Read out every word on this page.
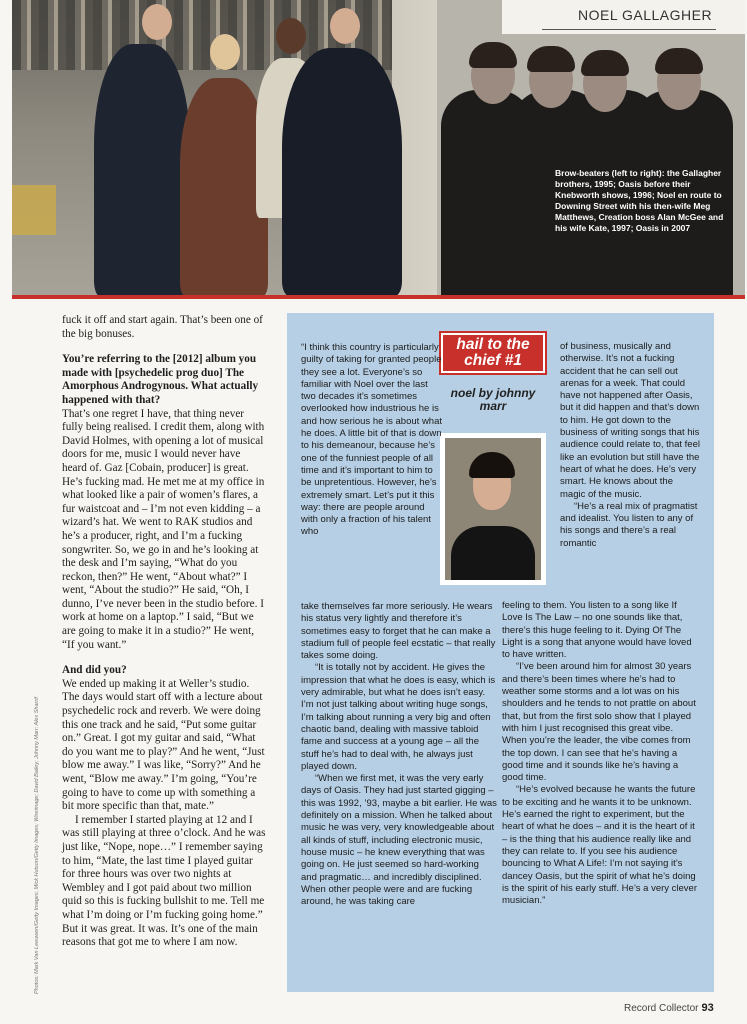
Brow-beaters (left to right): the Gallagher brothers, 1995; Oasis before their Knebworth shows, 1996; Noel en route to Downing Street with his then-wife Meg Matthews, Creation boss Alan McGee and his wife Kate, 1997; Oasis in 2007
NOEL GALLAGHER

fuck it off and start again. That’s been one of the big bonuses.

You’re referring to the [2012] album you made with [psychedelic prog duo] The Amorphous Androgynous. What actually happened with that?

That’s one regret I have, that thing never fully being realised. I credit them, along with David Holmes, with opening a lot of musical doors for me, music I would never have heard of. Gaz [Cobain, producer] is great. He’s fucking mad. He met me at my office in what looked like a pair of women’s flares, a fur waistcoat and – I’m not even kidding – a wizard’s hat. We went to RAK studios and he’s a producer, right, and I’m a fucking songwriter. So, we go in and he’s looking at the desk and I’m saying, “What do you reckon, then?” He went, “About what?” I went, “About the studio?” He said, “Oh, I dunno, I’ve never been in the studio before. I work at home on a laptop.” I said, “But we are going to make it in a studio?” He went, “If you want.”

And did you?

We ended up making it at Weller’s studio. The days would start off with a lecture about psychedelic rock and reverb. We were doing this one track and he said, “Put some guitar on.” Great. I got my guitar and said, “What do you want me to play?” And he went, “Just blow me away.” I was like, “Sorry?” And he went, “Blow me away.” I’m going, “You’re going to have to come up with something a bit more specific than that, mate.”

I remember I started playing at 12 and I was still playing at three o’clock. And he was just like, “Nope, nope…” I remember saying to him, “Mate, the last time I played guitar for three hours was over two nights at Wembley and I got paid about two million quid so this is fucking bullshit to me. Tell me what I’m doing or I’m fucking going home.” But it was great. It was. It’s one of the main reasons that got me to where I am now.

Photos: Mark Van Leeuwen/Getty Images; Mick Hutson/Getty Images; Wireimage; David Bailey; Johnny Marr: Alex Sharrif
hail to the chief #1
noel by johnny marr

“I think this country is particularly guilty of taking for granted people they see a lot. Everyone’s so familiar with Noel over the last two decades it’s sometimes overlooked how industrious he is and how serious he is about what he does. A little bit of that is down to his demeanour, because he’s one of the funniest people of all time and it’s important to him to be unpretentious. However, he’s extremely smart. Let’s put it this way: there are people around with only a fraction of his talent who

take themselves far more seriously. He wears his status very lightly and therefore it’s sometimes easy to forget that he can make a stadium full of people feel ecstatic – that really takes some doing.

“It is totally not by accident. He gives the impression that what he does is easy, which is very admirable, but what he does isn’t easy. I’m not just talking about writing huge songs, I’m talking about running a very big and often chaotic band, dealing with massive tabloid fame and success at a young age – all the stuff he’s had to deal with, he always just played down.

“When we first met, it was the very early days of Oasis. They had just started gigging – this was 1992, ’93, maybe a bit earlier. He was definitely on a mission. When he talked about music he was very, very knowledgeable about all kinds of stuff, including electronic music, house music – he knew everything that was going on. He just seemed so hard-working and pragmatic… and incredibly disciplined. When other people were and are fucking around, he was taking care

of business, musically and otherwise. It’s not a fucking accident that he can sell out arenas for a week. That could have not happened after Oasis, but it did happen and that’s down to him. He got down to the business of writing songs that his audience could relate to, that feel like an evolution but still have the heart of what he does. He’s very smart. He knows about the magic of the music.

“He’s a real mix of pragmatist and idealist. You listen to any of his songs and there’s a real romantic

feeling to them. You listen to a song like If Love Is The Law – no one sounds like that, there’s this huge feeling to it. Dying Of The Light is a song that anyone would have loved to have written.

“I’ve been around him for almost 30 years and there’s been times where he’s had to weather some storms and a lot was on his shoulders and he tends to not prattle on about that, but from the first solo show that I played with him I just recognised this great vibe. When you’re the leader, the vibe comes from the top down. I can see that he’s having a good time and it sounds like he’s having a good time.

“He’s evolved because he wants the future to be exciting and he wants it to be unknown. He’s earned the right to experiment, but the heart of what he does – and it is the heart of it – is the thing that his audience really like and they can relate to. If you see his audience bouncing to What A Life!: I’m not saying it’s dancey Oasis, but the spirit of what he’s doing is the spirit of his early stuff. He’s a very clever musician.”

Record Collector 93
